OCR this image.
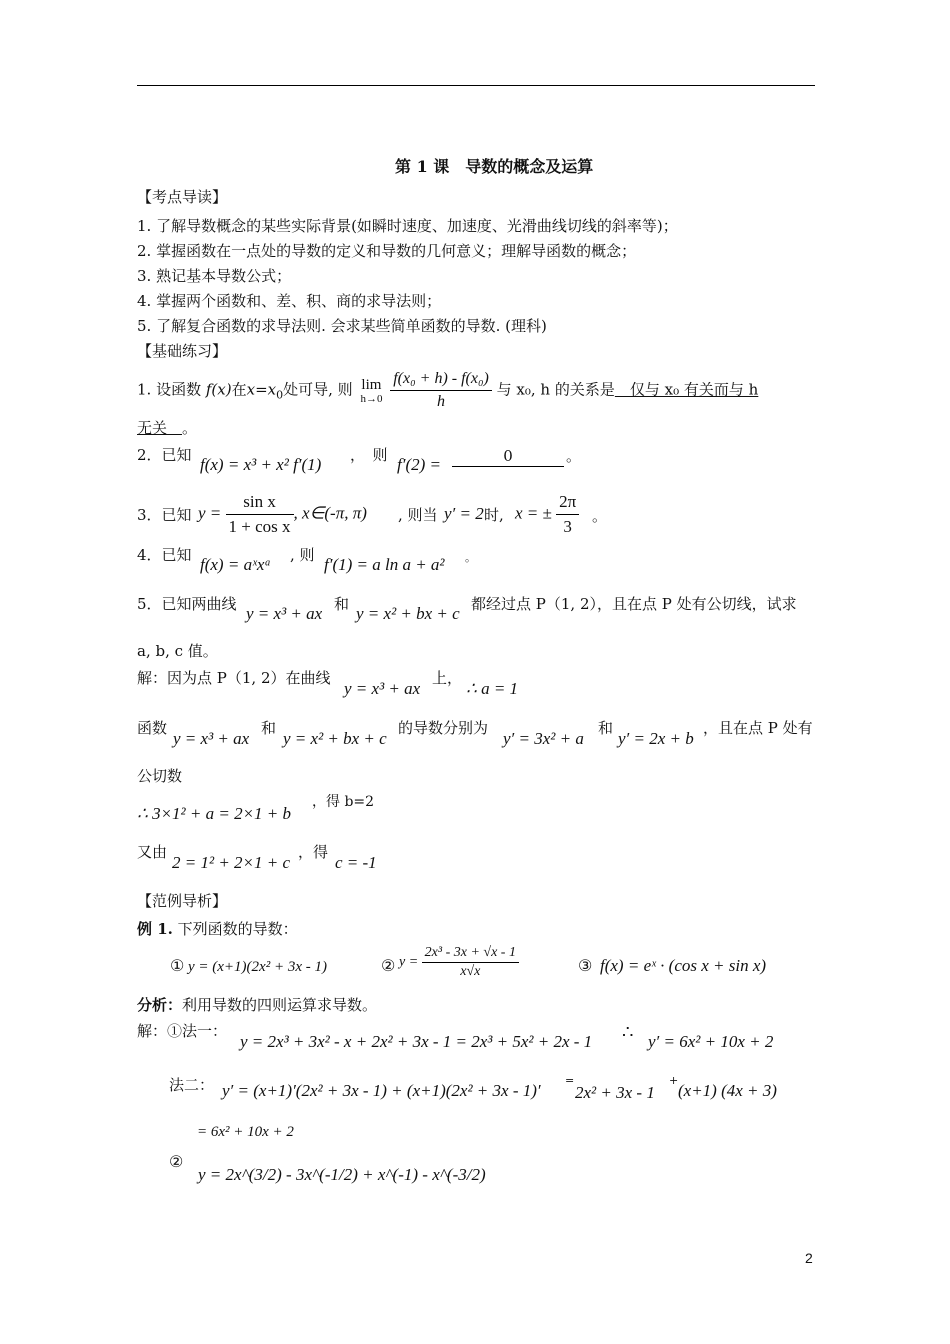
第 1 课　导数的概念及运算
【考点导读】
1. 了解导数概念的某些实际背景(如瞬时速度、加速度、光滑曲线切线的斜率等)；
2. 掌握函数在一点处的导数的定义和导数的几何意义；理解导函数的概念；
3. 熟记基本导数公式；
4. 掌握两个函数和、差、积、商的求导法则；
5. 了解复合函数的求导法则. 会求某些简单函数的导数. (理科)
【基础练习】
1. 设函数 f(x)在$x=x_0$处可导, 则 lim
h→0
$\frac{\text{f(x₀ + h) - f(x₀)}}{h}$ 与 x₀, h 的关系是　仅与 x₀ 有关而与 h
无关　。
2．已知 f(x) = x³ + x² f′(1) ，　则 f′(2) =	0	。
3．已知 $y = \frac{\text{sin x}}{\text{1 + cos x}}$ , x∈(-π, π) , 则当 y′ = 2 时, x = ± $\frac{2\pi}{3}$ 。
4．已知 f(x) = aˣxᵃ , 则 f′(1) = a ln a + a² 。
5．已知两曲线 y = x³ + ax 和 y = x² + bx + c 都经过点 P（1, 2），且在点 P 处有公切线，试求
a, b, c 值。
解：因为点 P（1, 2）在曲线
y = x³ + ax
上，
∴ a = 1
函数
y = x³ + ax
和
y = x² + bx + c
的导数分别为
y′ = 3x² + a
和
y′ = 2x + b
，且在点 P 处有
公切数
∴ 3×1² + a = 2×1 + b
，得 b=2
又由
2 = 1² + 2×1 + c
，得
c = -1
【范例导析】
例 1. 下列函数的导数：
① y = (x+1)(2x² + 3x - 1)	② $y = \frac{\text{2x³ - 3x + √x - 1}}{x√x}$	③ f(x) = eˣ · (cos x + sin x)
分析：利用导数的四则运算求导数。
解：①法一：
y = 2x³ + 3x² - x + 2x² + 3x - 1 = 2x³ + 5x² + 2x - 1 ∴ y′ = 6x² + 10x + 2
法二： y′ = (x+1)′(2x² + 3x - 1) + (x+1)(2x² + 3x - 1)′
=
2x² + 3x - 1
+
(x+1) (4x + 3)
= 6x² + 10x + 2
②
y = 2x^(3/2) - 3x^(-1/2) + x^(-1) - x^(-3/2)
2
